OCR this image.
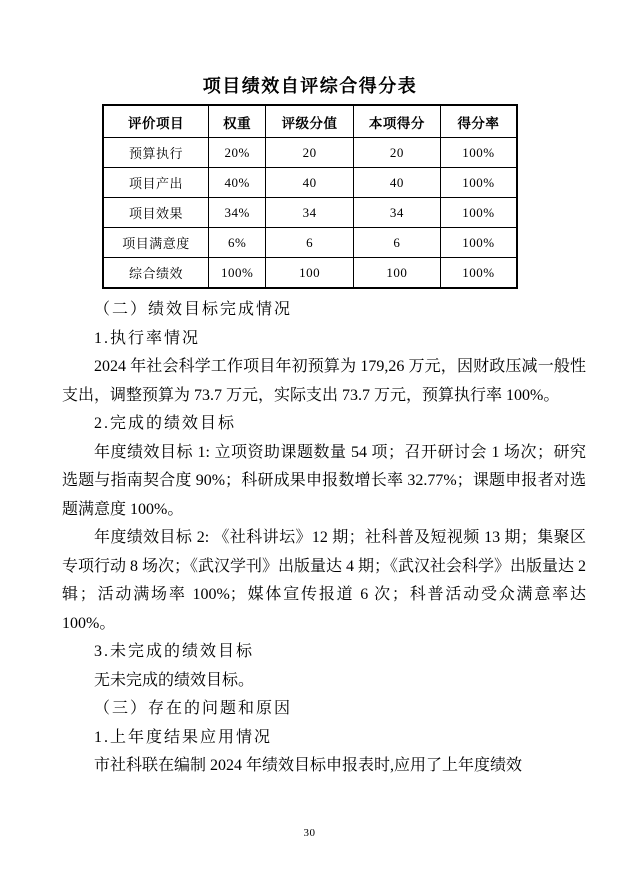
项目绩效自评综合得分表
评价项目	权重	评级分值	本项得分	得分率
预算执行	20%	20	20	100%
项目产出	40%	40	40	100%
项目效果	34%	34	34	100%
项目满意度	6%	6	6	100%
综合绩效	100%	100	100	100%

（二）绩效目标完成情况

1.执行率情况

2024 年社会科学工作项目年初预算为 179,26 万元，因财政压减一般性支出，调整预算为 73.7 万元，实际支出 73.7 万元，预算执行率 100%。

2.完成的绩效目标

年度绩效目标 1: 立项资助课题数量 54 项；召开研讨会 1 场次；研究选题与指南契合度 90%；科研成果申报数增长率 32.77%；课题申报者对选题满意度 100%。

年度绩效目标 2: 《社科讲坛》12 期；社科普及短视频 13 期；集聚区专项行动 8 场次；《武汉学刊》出版量达 4 期；《武汉社会科学》出版量达 2 辑；活动满场率 100%；媒体宣传报道 6 次；科普活动受众满意率达 100%。

3.未完成的绩效目标

无未完成的绩效目标。

（三）存在的问题和原因

1.上年度结果应用情况

市社科联在编制 2024 年绩效目标申报表时,应用了上年度绩效

30
